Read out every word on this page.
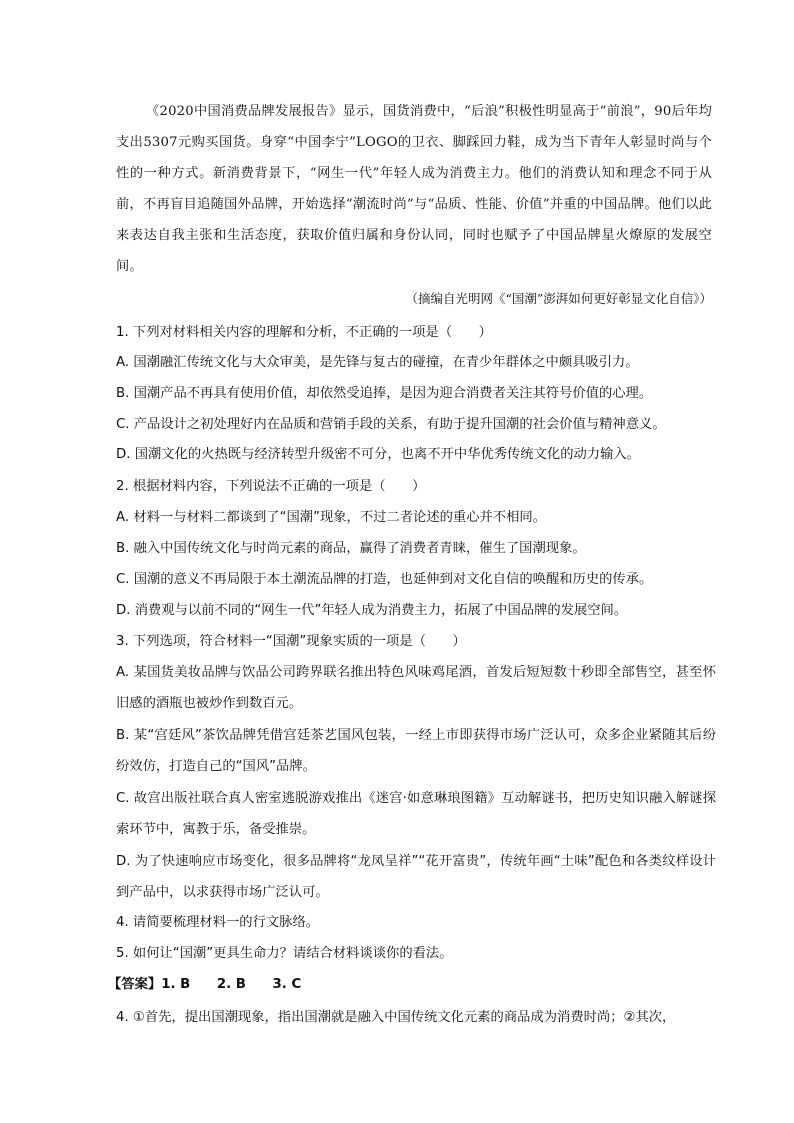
《2020中国消费品牌发展报告》显示，国货消费中，“后浪”积极性明显高于“前浪”，90后年均支出5307元购买国货。身穿“中国李宁”LOGO的卫衣、脚踩回力鞋，成为当下青年人彰显时尚与个性的一种方式。新消费背景下，“网生一代”年轻人成为消费主力。他们的消费认知和理念不同于从前，不再盲目追随国外品牌，开始选择“潮流时尚”与“品质、性能、价值”并重的中国品牌。他们以此来表达自我主张和生活态度，获取价值归属和身份认同，同时也赋予了中国品牌星火燎原的发展空间。
（摘编自光明网《“国潮”澎湃如何更好彰显文化自信》）
1. 下列对材料相关内容的理解和分析，不正确的一项是（　　）
A. 国潮融汇传统文化与大众审美，是先锋与复古的碰撞，在青少年群体之中颇具吸引力。
B. 国潮产品不再具有使用价值，却依然受追捧，是因为迎合消费者关注其符号价值的心理。
C. 产品设计之初处理好内在品质和营销手段的关系，有助于提升国潮的社会价值与精神意义。
D. 国潮文化的火热既与经济转型升级密不可分，也离不开中华优秀传统文化的动力输入。
2. 根据材料内容，下列说法不正确的一项是（　　）
A. 材料一与材料二都谈到了“国潮”现象，不过二者论述的重心并不相同。
B. 融入中国传统文化与时尚元素的商品，赢得了消费者青睐，催生了国潮现象。
C. 国潮的意义不再局限于本土潮流品牌的打造，也延伸到对文化自信的唤醒和历史的传承。
D. 消费观与以前不同的“网生一代”年轻人成为消费主力，拓展了中国品牌的发展空间。
3. 下列选项，符合材料一“国潮”现象实质的一项是（　　）
A. 某国货美妆品牌与饮品公司跨界联名推出特色风味鸡尾酒，首发后短短数十秒即全部售空，甚至怀旧感的酒瓶也被炒作到数百元。
B. 某“宫廷风”茶饮品牌凭借宫廷茶艺国风包装，一经上市即获得市场广泛认可，众多企业紧随其后纷纷效仿，打造自己的“国风”品牌。
C. 故宫出版社联合真人密室逃脱游戏推出《迷宫·如意琳琅图籍》互动解谜书，把历史知识融入解谜探索环节中，寓教于乐，备受推崇。
D. 为了快速响应市场变化，很多品牌将“龙凤呈祥”“花开富贵”，传统年画“土味”配色和各类纹样设计到产品中，以求获得市场广泛认可。
4. 请简要梳理材料一的行文脉络。
5. 如何让“国潮”更具生命力？请结合材料谈谈你的看法。
【答案】1. B　　2. B　　3. C
4. ①首先，提出国潮现象，指出国潮就是融入中国传统文化元素的商品成为消费时尚；②其次，
